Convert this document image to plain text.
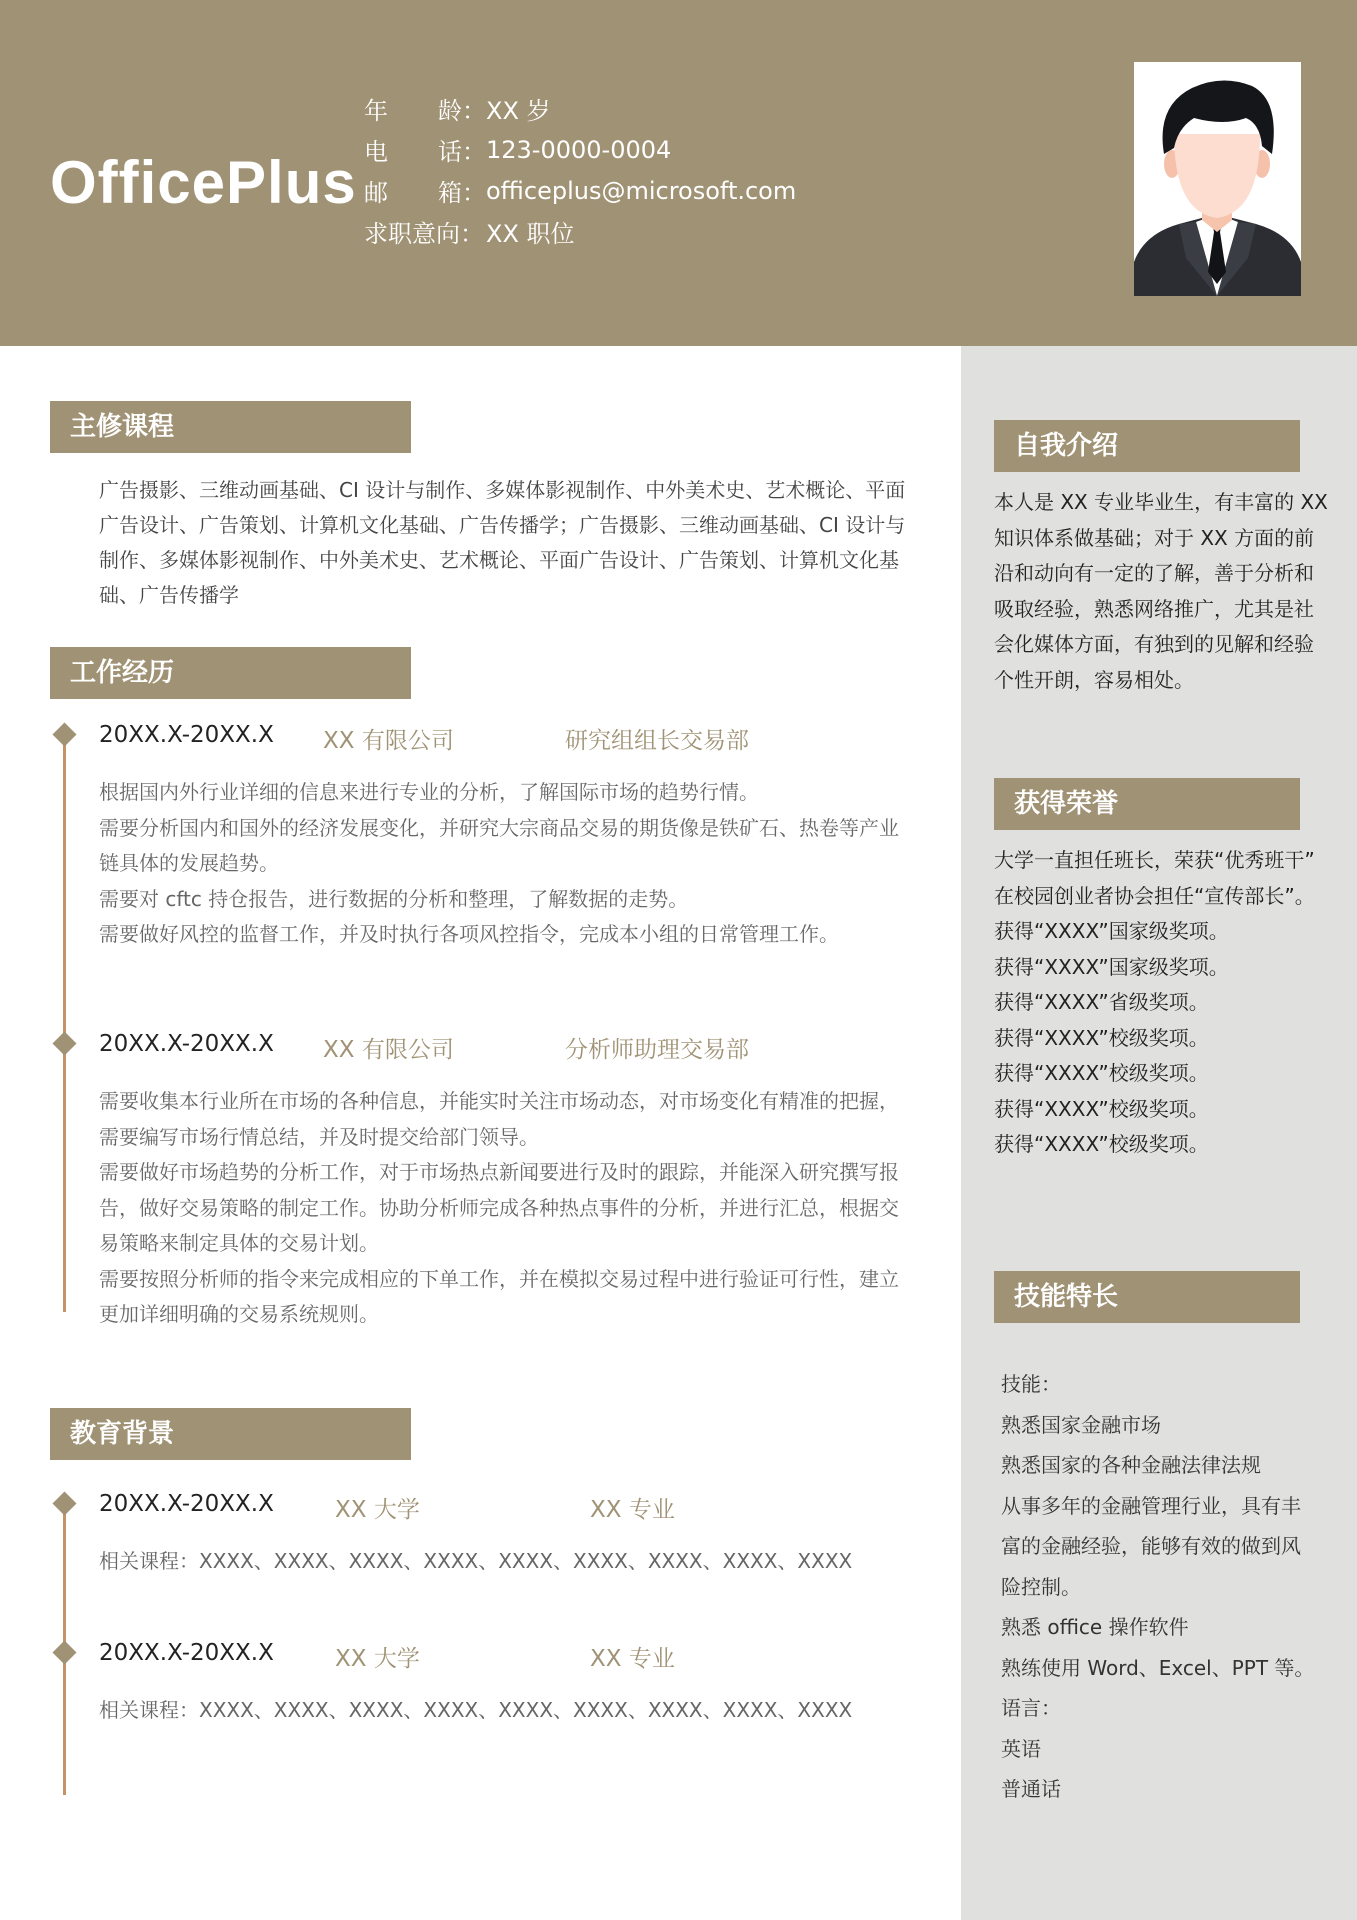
OfficePlus
年 龄： XX 岁
电 话： 123-0000-0004
邮 箱： officeplus@microsoft.com
求职意向： XX 职位
主修课程

广告摄影、三维动画基础、CI 设计与制作、多媒体影视制作、中外美术史、艺术概论、平面

广告设计、广告策划、计算机文化基础、广告传播学；广告摄影、三维动画基础、CI 设计与

制作、多媒体影视制作、中外美术史、艺术概论、平面广告设计、广告策划、计算机文化基

础、广告传播学

工作经历
20XX.X-20XX.X XX 有限公司	研究组组长交易部

根据国内外行业详细的信息来进行专业的分析，了解国际市场的趋势行情。

需要分析国内和国外的经济发展变化，并研究大宗商品交易的期货像是铁矿石、热卷等产业

链具体的发展趋势。

需要对 cftc 持仓报告，进行数据的分析和整理，了解数据的走势。

需要做好风控的监督工作，并及时执行各项风控指令，完成本小组的日常管理工作。

20XX.X-20XX.X XX 有限公司	分析师助理交易部

需要收集本行业所在市场的各种信息，并能实时关注市场动态，对市场变化有精准的把握，

需要编写市场行情总结，并及时提交给部门领导。

需要做好市场趋势的分析工作，对于市场热点新闻要进行及时的跟踪，并能深入研究撰写报

告，做好交易策略的制定工作。协助分析师完成各种热点事件的分析，并进行汇总，根据交

易策略来制定具体的交易计划。

需要按照分析师的指令来完成相应的下单工作，并在模拟交易过程中进行验证可行性，建立

更加详细明确的交易系统规则。

教育背景
20XX.X-20XX.X	XX 大学	XX 专业

相关课程：XXXX、XXXX、XXXX、XXXX、XXXX、XXXX、XXXX、XXXX、XXXX

20XX.X-20XX.X	XX 大学	XX 专业

相关课程：XXXX、XXXX、XXXX、XXXX、XXXX、XXXX、XXXX、XXXX、XXXX

自我介绍

本人是 XX 专业毕业生，有丰富的 XX

知识体系做基础；对于 XX 方面的前

沿和动向有一定的了解，善于分析和

吸取经验，熟悉网络推广，尤其是社

会化媒体方面，有独到的见解和经验

个性开朗，容易相处。

获得荣誉

大学一直担任班长，荣获“优秀班干”

在校园创业者协会担任“宣传部长”。

获得“XXXX”国家级奖项。

获得“XXXX”国家级奖项。

获得“XXXX”省级奖项。

获得“XXXX”校级奖项。

获得“XXXX”校级奖项。

获得“XXXX”校级奖项。

获得“XXXX”校级奖项。

技能特长

技能：

熟悉国家金融市场

熟悉国家的各种金融法律法规

从事多年的金融管理行业，具有丰

富的金融经验，能够有效的做到风

险控制。

熟悉 office 操作软件

熟练使用 Word、Excel、PPT 等。

语言：

英语

普通话
